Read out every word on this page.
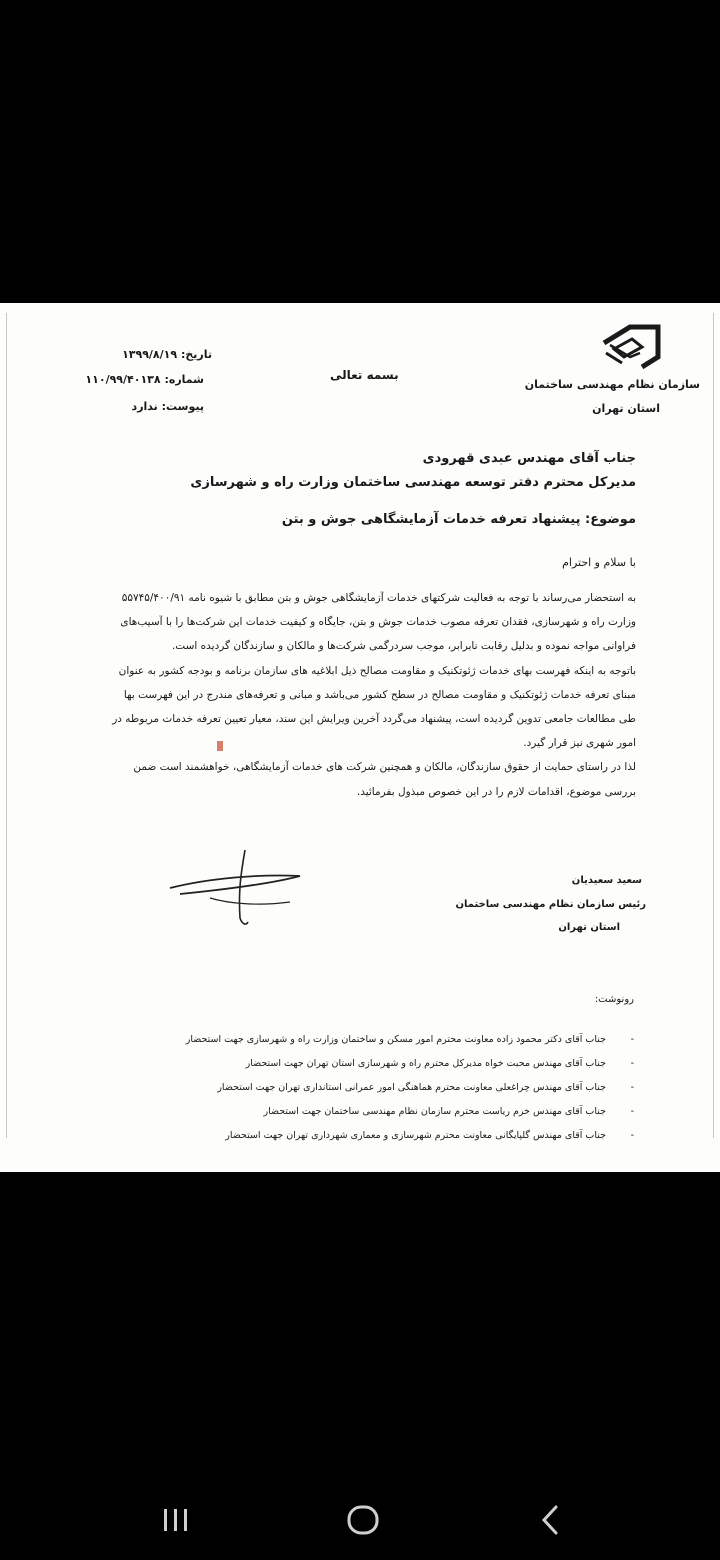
سازمان نظام مهندسی ساختمان
استان تهران
بسمه تعالی
تاریخ: ۱۳۹۹/۸/۱۹
شماره: ۱۱۰/۹۹/۴۰۱۳۸
پیوست: ندارد
جناب آقای مهندس عبدی قهرودی
مدیرکل محترم دفتر توسعه مهندسی ساختمان وزارت راه و شهرسازی
موضوع: پیشنهاد تعرفه خدمات آزمایشگاهی جوش و بتن
با سلام و احترام

به استحضار می‌رساند با توجه به فعالیت شرکتهای خدمات آزمایشگاهی جوش و بتن مطابق با شیوه نامه ۵۵۷۴۵/۴۰۰/۹۱

وزارت راه و شهرسازی، فقدان تعرفه مصوب خدمات جوش و بتن، جایگاه و کیفیت خدمات این شرکت‌ها را با آسیب‌های

فراوانی مواجه نموده و بدلیل رقابت نابرابر، موجب سردرگمی شرکت‌ها و مالکان و سازندگان گردیده است.

باتوجه به اینکه فهرست بهای خدمات ژئوتکنیک و مقاومت مصالح ذیل ابلاغیه های سازمان برنامه و بودجه کشور به عنوان

مبنای تعرفه خدمات ژئوتکنیک و مقاومت مصالح در سطح کشور می‌باشد و مبانی و تعرفه‌های مندرج در این فهرست بها

طی مطالعات جامعی تدوین گردیده است، پیشنهاد می‌گردد آخرین ویرایش این سند، معیار تعیین تعرفه خدمات مربوطه در

امور شهری نیز قرار گیرد.

لذا در راستای حمایت از حقوق سازندگان، مالکان و همچنین شرکت های خدمات آزمایشگاهی، خواهشمند است ضمن

بررسی موضوع، اقدامات لازم را در این خصوص مبذول بفرمائید.

سعید سعیدیان
رئیس سازمان نظام مهندسی ساختمان
استان تهران
رونوشت:
-
جناب آقای دکتر محمود زاده معاونت محترم امور مسکن و ساختمان وزارت راه و شهرسازی جهت استحضار
-
جناب آقای مهندس محبت خواه مدیرکل محترم راه و شهرسازی استان تهران جهت استحضار
-
جناب آقای مهندس چراغعلی معاونت محترم هماهنگی امور عمرانی استانداری تهران جهت استحضار
-
جناب آقای مهندس خرم ریاست محترم سازمان نظام مهندسی ساختمان جهت استحضار
-
جناب آقای مهندس گلپایگانی معاونت محترم شهرسازی و معماری شهرداری تهران جهت استحضار
